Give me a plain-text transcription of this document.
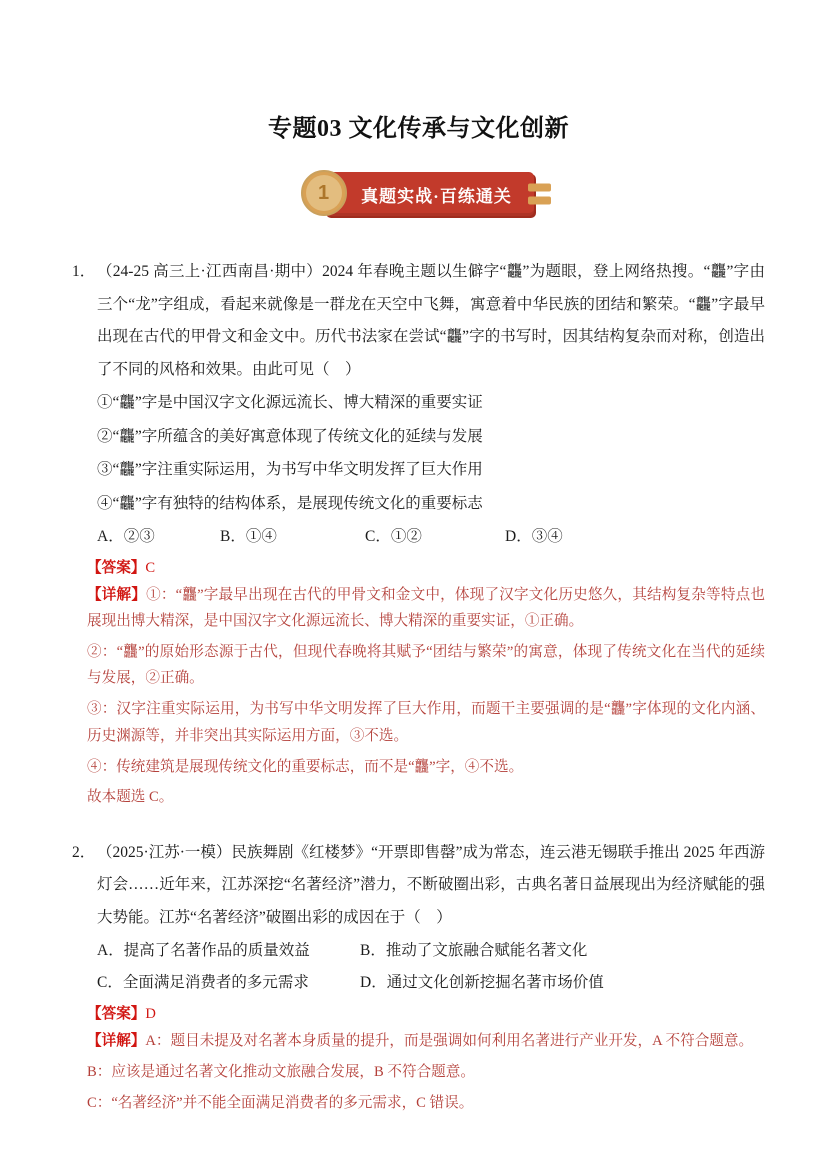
专题03 文化传承与文化创新
真题实战·百练通关
1
1． （24-25 高三上·江西南昌·期中）2024 年春晚主题以生僻字“龘”为题眼，登上网络热搜。“龘”字由三个“龙”字组成，看起来就像是一群龙在天空中飞舞，寓意着中华民族的团结和繁荣。“龘”字最早出现在古代的甲骨文和金文中。历代书法家在尝试“龘”字的书写时，因其结构复杂而对称，创造出了不同的风格和效果。由此可见（　）
①“龘”字是中国汉字文化源远流长、博大精深的重要实证
②“龘”字所蕴含的美好寓意体现了传统文化的延续与发展
③“龘”字注重实际运用，为书写中华文明发挥了巨大作用
④“龘”字有独特的结构体系，是展现传统文化的重要标志
A．②③	B．①④	C．①②	D．③④

【答案】C

【详解】①：“龘”字最早出现在古代的甲骨文和金文中，体现了汉字文化历史悠久，其结构复杂等特点也展现出博大精深，是中国汉字文化源远流长、博大精深的重要实证，①正确。

②：“龘”的原始形态源于古代，但现代春晚将其赋予“团结与繁荣”的寓意，体现了传统文化在当代的延续与发展，②正确。

③：汉字注重实际运用，为书写中华文明发挥了巨大作用，而题干主要强调的是“龘”字体现的文化内涵、历史渊源等，并非突出其实际运用方面，③不选。

④：传统建筑是展现传统文化的重要标志，而不是“龘”字，④不选。

故本题选 C。

2． （2025·江苏·一模）民族舞剧《红楼梦》“开票即售罄”成为常态，连云港无锡联手推出 2025 年西游灯会……近年来，江苏深挖“名著经济”潜力，不断破圈出彩，古典名著日益展现出为经济赋能的强大势能。江苏“名著经济”破圈出彩的成因在于（　）
A．提高了名著作品的质量效益	B．推动了文旅融合赋能名著文化
C．全面满足消费者的多元需求	D．通过文化创新挖掘名著市场价值

【答案】D

【详解】A：题目未提及对名著本身质量的提升，而是强调如何利用名著进行产业开发，A 不符合题意。

B：应该是通过名著文化推动文旅融合发展，B 不符合题意。

C：“名著经济”并不能全面满足消费者的多元需求，C 错误。
